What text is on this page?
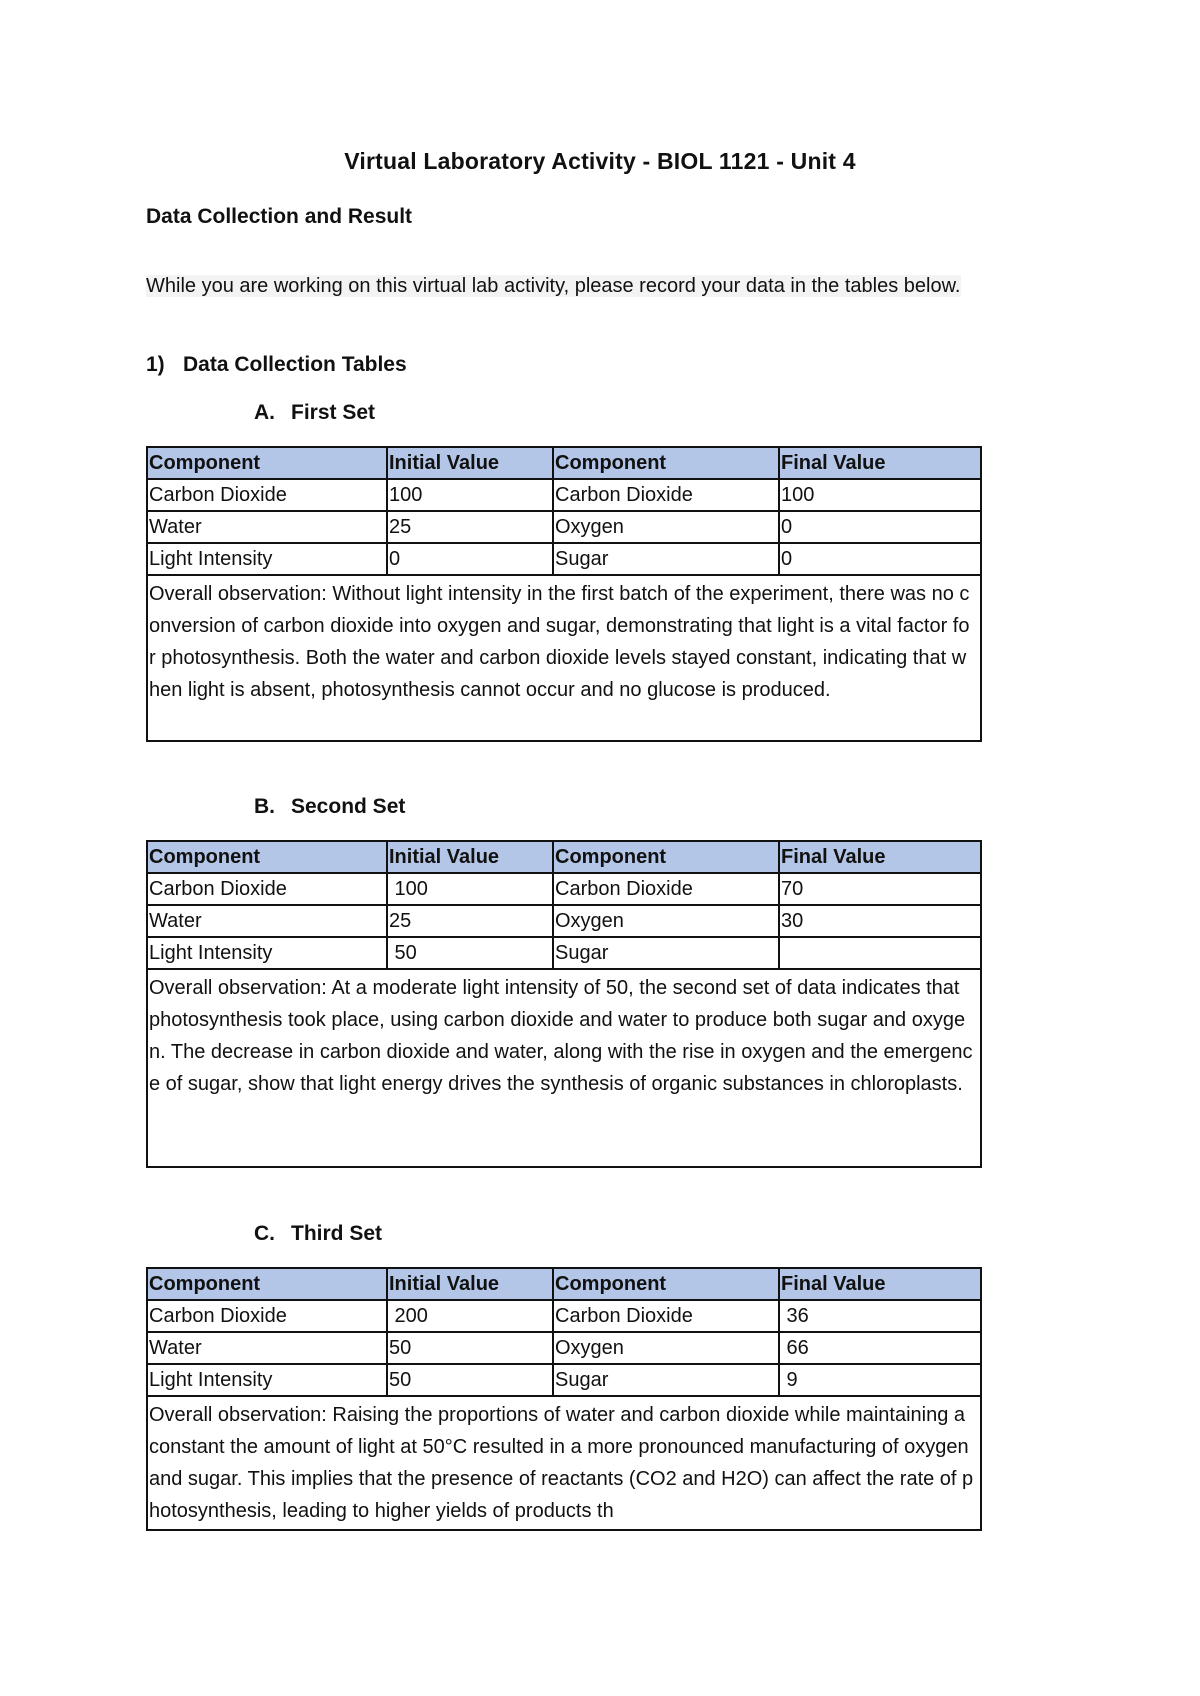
Virtual Laboratory Activity - BIOL 1121 - Unit 4
Data Collection and Result
While you are working on this virtual lab activity, please record your data in the tables below.
1) Data Collection Tables
A. First Set
Component	Initial Value	Component	Final Value
Carbon Dioxide	100	Carbon Dioxide	100
Water	25	Oxygen	0
Light Intensity	0	Sugar	0
Overall observation: Without light intensity in the first batch of the experiment, there was no conversion of carbon dioxide into oxygen and sugar, demonstrating that light is a vital factor for photosynthesis. Both the water and carbon dioxide levels stayed constant, indicating that when light is absent, photosynthesis cannot occur and no glucose is produced.			
B. Second Set
Component	Initial Value	Component	Final Value
Carbon Dioxide	100	Carbon Dioxide	70
Water	25	Oxygen	30
Light Intensity	50	Sugar	
Overall observation: At a moderate light intensity of 50, the second set of data indicates that photosynthesis took place, using carbon dioxide and water to produce both sugar and oxygen. The decrease in carbon dioxide and water, along with the rise in oxygen and the emergence of sugar, show that light energy drives the synthesis of organic substances in chloroplasts.			
C. Third Set
Component	Initial Value	Component	Final Value
Carbon Dioxide	200	Carbon Dioxide	36
Water	50	Oxygen	66
Light Intensity	50	Sugar	9
Overall observation: Raising the proportions of water and carbon dioxide while maintaining a constant the amount of light at 50°C resulted in a more pronounced manufacturing of oxygen and sugar. This implies that the presence of reactants (CO2 and H2O) can affect the rate of photosynthesis, leading to higher yields of products th			
